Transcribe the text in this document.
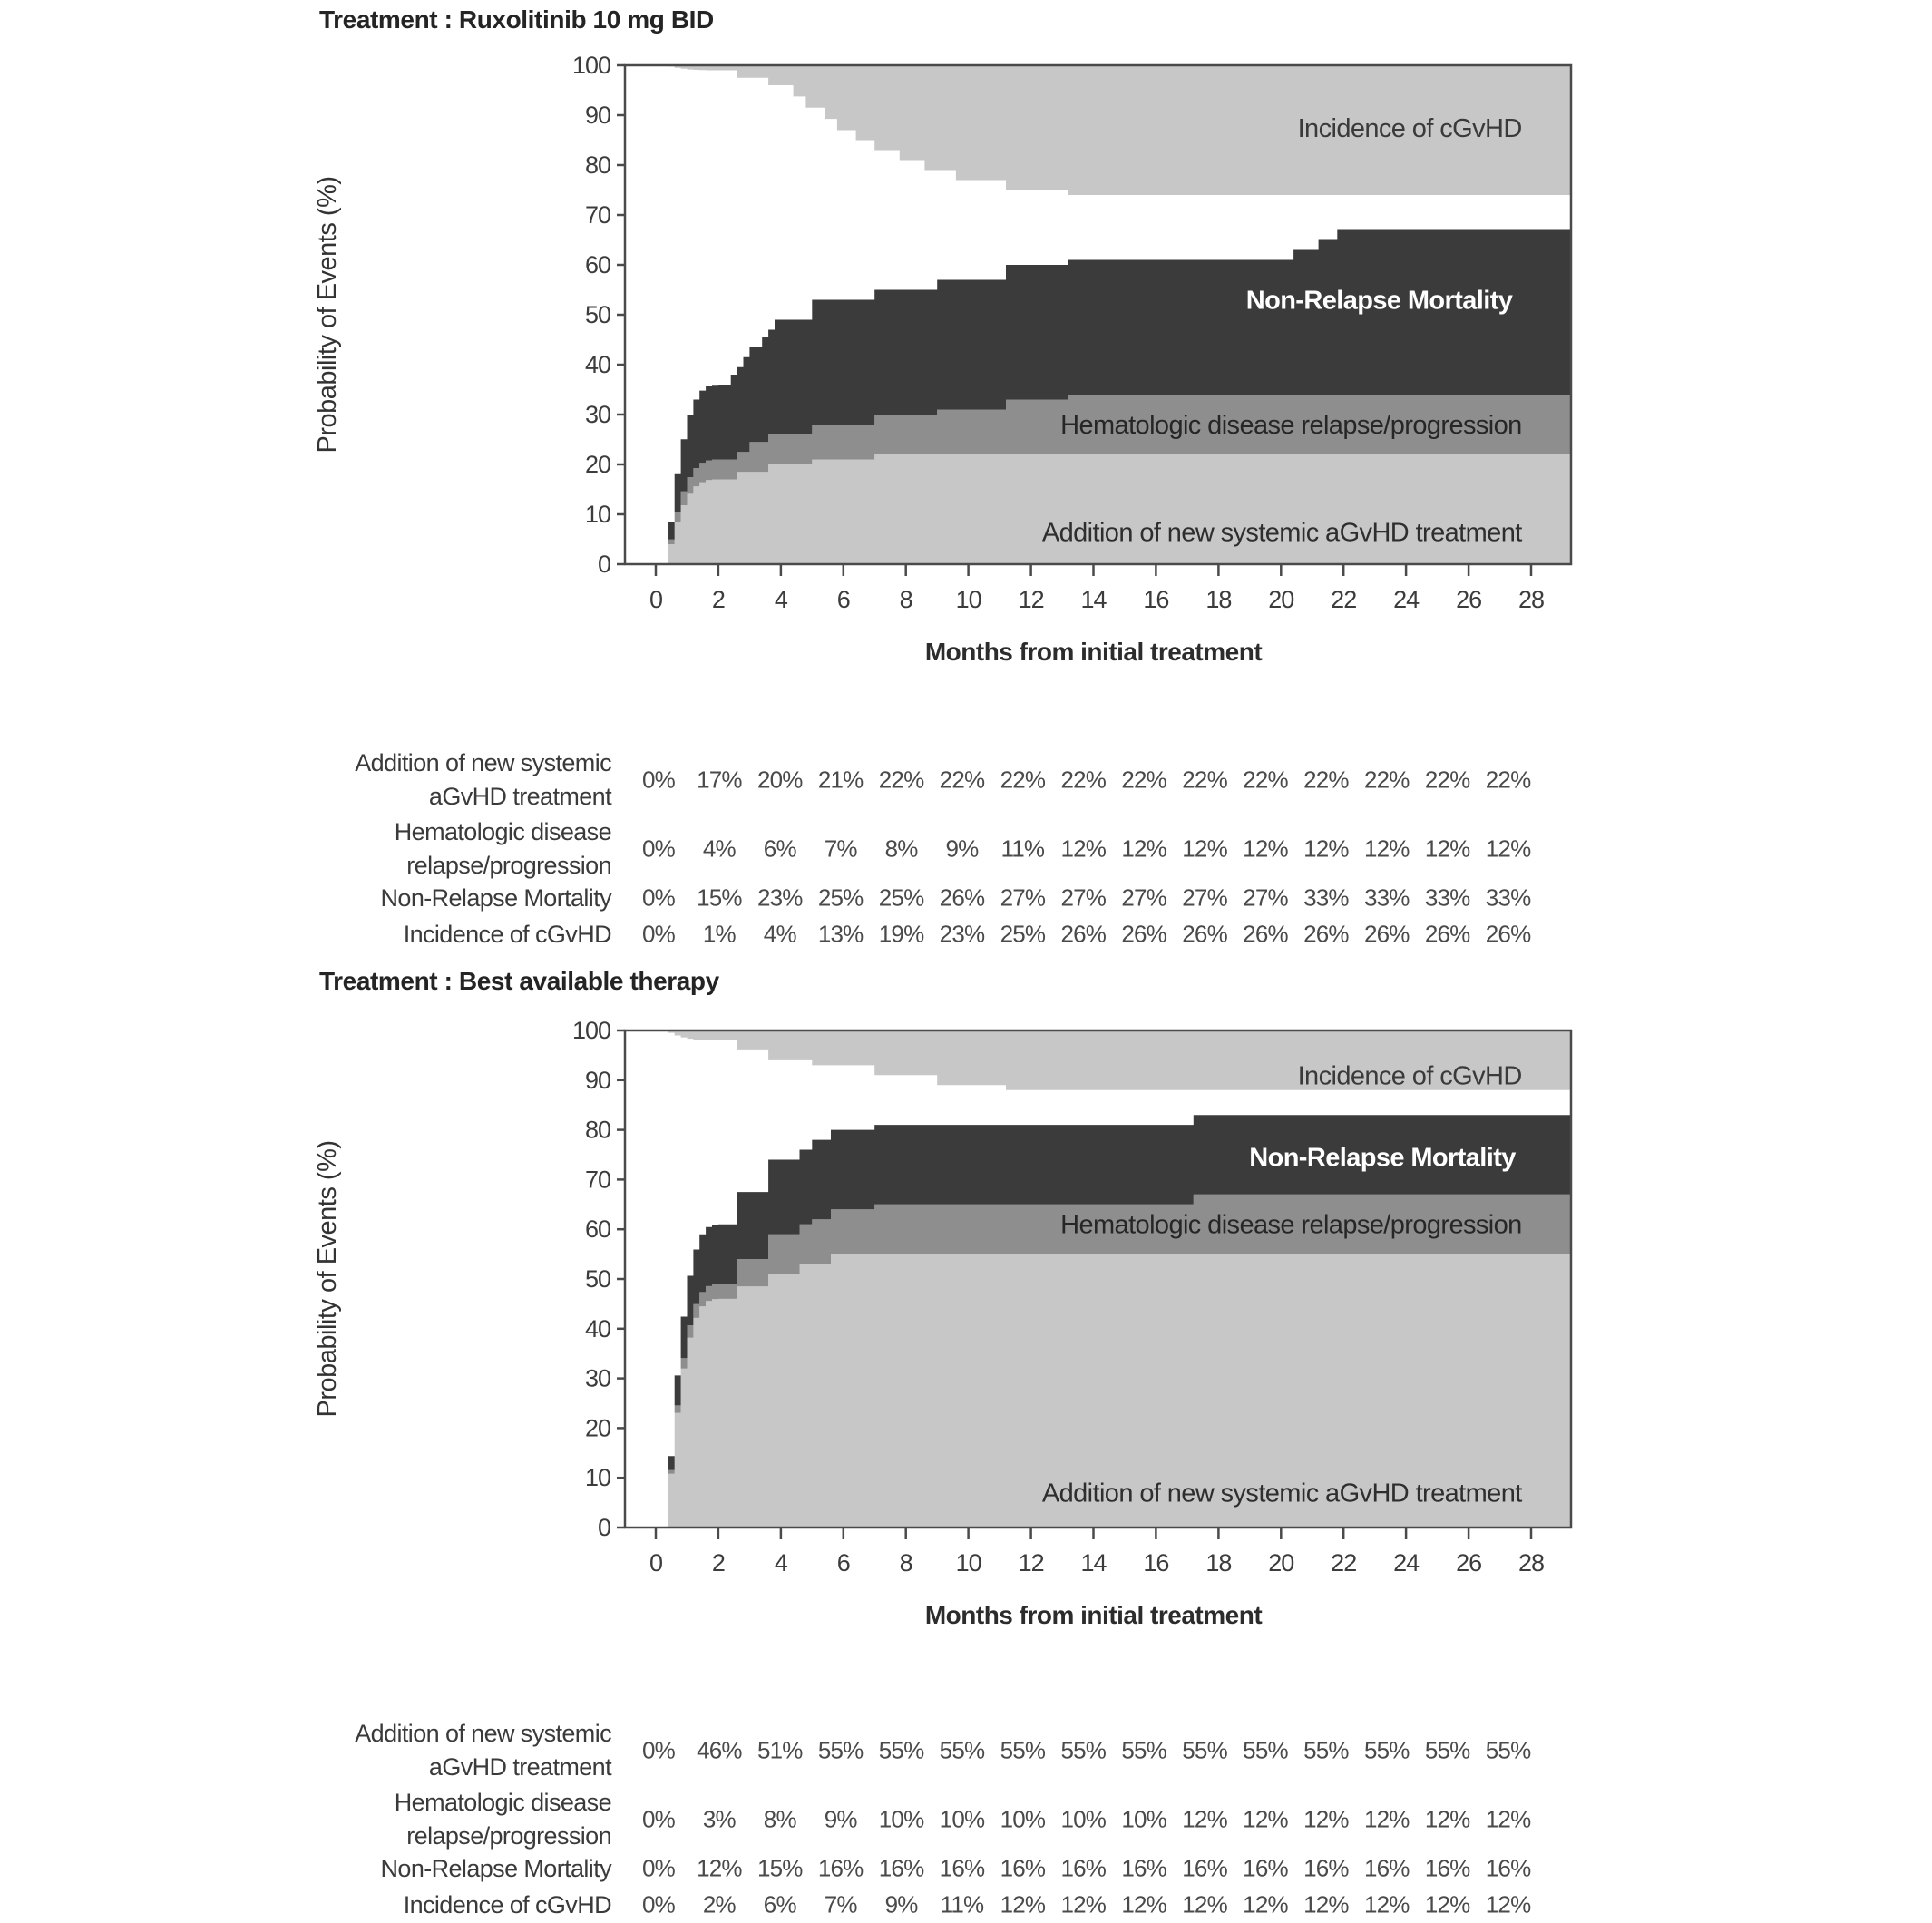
Treatment : Ruxolitinib 10 mg BID
0
10
20
30
40
50
60
70
80
90
100
0 2 4 6 8 10 12 14 16 18 20 22 24 26 28
Probability of Events (%)
Months from initial treatment
Addition of new systemic aGvHD treatment
Hematologic disease relapse/progression
Non-Relapse Mortality
Incidence of cGvHD
Addition of new systemic
aGvHD treatment
0% 17% 20% 21% 22% 22% 22% 22% 22% 22% 22% 22% 22% 22% 22%
Hematologic disease
relapse/progression
0%	4%	6%	7%	8%	9% 11% 12% 12% 12% 12% 12% 12% 12% 12%
Non-Relapse Mortality	0% 15% 23% 25% 25% 26% 27% 27% 27% 27% 27% 33% 33% 33% 33%
Incidence of cGvHD	0%	1%	4% 13% 19% 23% 25% 26% 26% 26% 26% 26% 26% 26% 26%
Treatment : Best available therapy
0
10
20
30
40
50
60
70
80
90
100
0 2 4 6 8 10 12 14 16 18 20 22 24 26 28
Probability of Events (%)
Months from initial treatment
Addition of new systemic aGvHD treatment
Hematologic disease relapse/progression
Non-Relapse Mortality
Incidence of cGvHD
Addition of new systemic
aGvHD treatment
0% 46% 51% 55% 55% 55% 55% 55% 55% 55% 55% 55% 55% 55% 55%
Hematologic disease
relapse/progression
0%	3%	8%	9% 10% 10% 10% 10% 10% 12% 12% 12% 12% 12% 12%
Non-Relapse Mortality	0% 12% 15% 16% 16% 16% 16% 16% 16% 16% 16% 16% 16% 16% 16%
Incidence of cGvHD	0%	2%	6%	7%	9% 11% 12% 12% 12% 12% 12% 12% 12% 12% 12%
